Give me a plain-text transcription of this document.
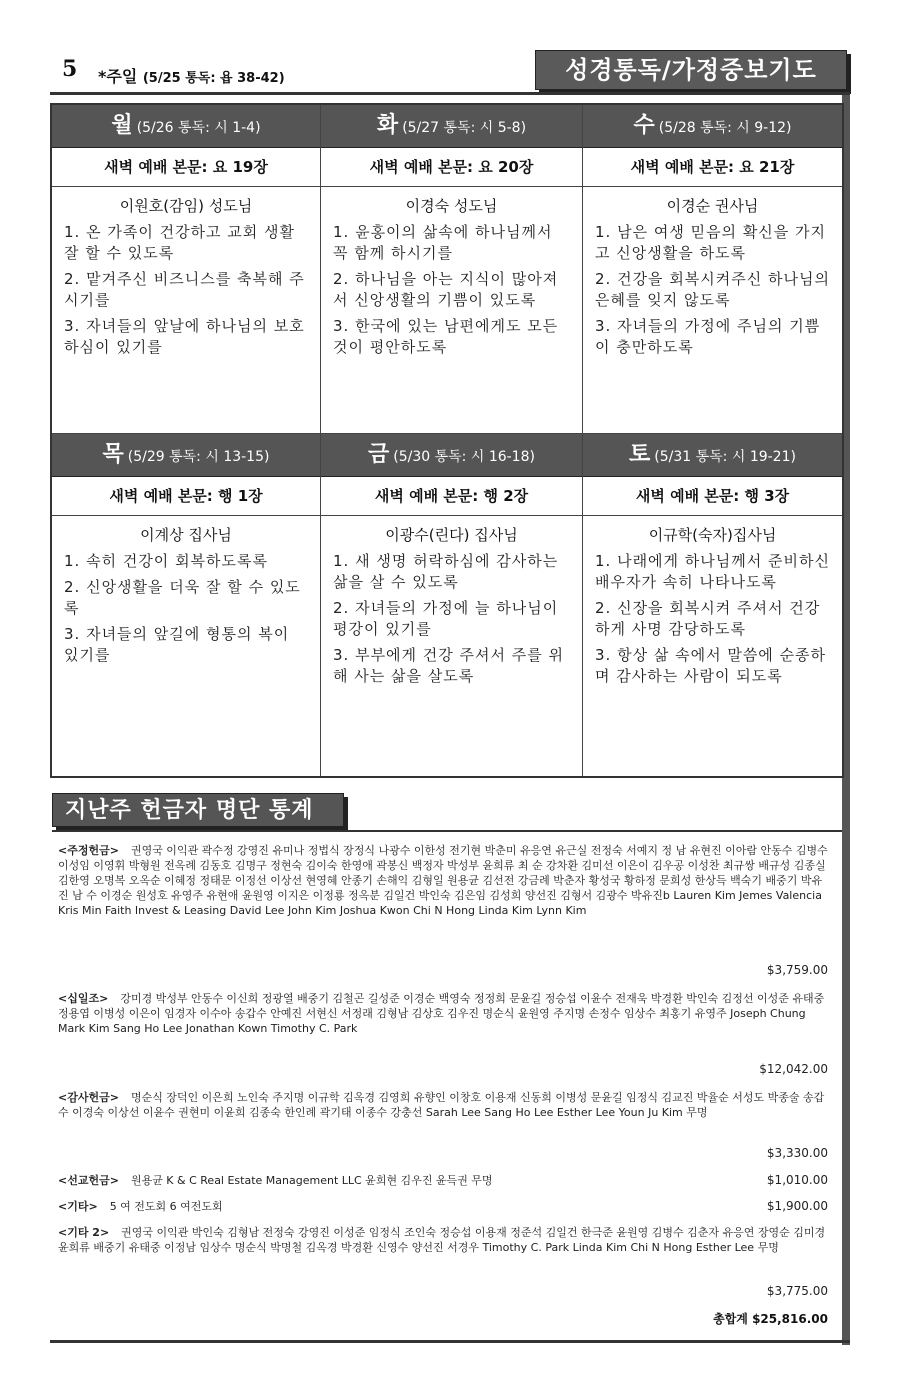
5 *주일 (5/25 통독: 욥 38-42)	성경통독/가정중보기도
월 (5/26 통독: 시 1-4)
새벽 예배 본문: 요 19장
이원호(감임) 성도님

1. 온 가족이 건강하고 교회 생활 잘 할 수 있도록

2. 맡겨주신 비즈니스를 축복해 주시기를

3. 자녀들의 앞날에 하나님의 보호하심이 있기를

화 (5/27 통독: 시 5-8)
새벽 예배 본문: 요 20장
이경숙 성도님

1. 윤홍이의 삶속에 하나님께서 꼭 함께 하시기를

2. 하나님을 아는 지식이 많아져서 신앙생활의 기쁨이 있도록

3. 한국에 있는 남편에게도 모든 것이 평안하도록

수 (5/28 통독: 시 9-12)
새벽 예배 본문: 요 21장
이경순 권사님

1. 남은 여생 믿음의 확신을 가지고 신앙생활을 하도록

2. 건강을 회복시켜주신 하나님의 은혜를 잊지 않도록

3. 자녀들의 가정에 주님의 기쁨이 충만하도록

목 (5/29 통독: 시 13-15)
새벽 예배 본문: 행 1장
이계상 집사님

1. 속히 건강이 회복하도록록

2. 신앙생활을 더욱 잘 할 수 있도록

3. 자녀들의 앞길에 형통의 복이 있기를

금 (5/30 통독: 시 16-18)
새벽 예배 본문: 행 2장
이광수(린다) 집사님

1. 새 생명 허락하심에 감사하는 삶을 살 수 있도록

2. 자녀들의 가정에 늘 하나님이 평강이 있기를

3. 부부에게 건강 주셔서 주를 위해 사는 삶을 살도록

토 (5/31 통독: 시 19-21)
새벽 예배 본문: 행 3장
이규학(숙자)집사님

1. 나래에게 하나님께서 준비하신 배우자가 속히 나타나도록

2. 신장을 회복시켜 주셔서 건강하게 사명 감당하도록

3. 항상 삶 속에서 말씀에 순종하며 감사하는 사람이 되도록

지난주 헌금자 명단 통계
<주정헌금> 권영국 이익관 곽수정 강영진 유미나 정법식 장정식 나광수 이한성 전기현 박춘미 유응연 유근실 전정숙 서예지 정 남 유현진 이아람 안동수 김병수 이성임 이영휘 박형원 전옥례 김동호 김명구 정현숙 김이숙 한영애 곽봉신 백정자 박성부 윤희류 최 순 강차환 김미선 이은이 김우공 이성찬 최규쌍 배규성 김종실 김한영 오명복 오옥순 이혜정 정태문 이정선 이상선 현영혜 안종기 손해익 김형일 원용균 김선전 강금례 박춘자 황성국 황하정 문희성 한상득 백숙기 배중기 박유진 남 수 이경순 원성호 유영주 유현애 윤원영 이지은 이정룡 정옥분 김일건 박인숙 김은임 김성희 양선진 김형서 김광수 박유진b Lauren Kim Jemes Valencia Kris Min Faith Invest & Leasing David Lee John Kim Joshua Kwon Chi N Hong Linda Kim Lynn Kim
$3,759.00
<십일조> 강미경 박성부 안동수 이신희 정광열 배중기 김철곤 길성준 이경순 백영숙 정정희 문윤길 정승섭 이윤수 전재욱 박경환 박인숙 김정선 이성준 유태중 정용엽 이병성 이은이 임경자 이수아 송갑수 안예진 서현신 서정래 김형남 김상호 김우진 명순식 윤원영 주지명 손정수 임상수 최홍기 유영주 Joseph Chung Mark Kim Sang Ho Lee Jonathan Kown Timothy C. Park
$12,042.00
<감사헌금> 명순식 장덕인 이은희 노인숙 주지명 이규학 김옥경 김영희 유향인 이창호 이용재 신동희 이병성 문윤길 임정식 김교진 박율순 서성도 박종술 송갑수 이경숙 이상선 이윤수 권현미 이윤희 김종숙 한인례 곽기태 이종수 강충선 Sarah Lee Sang Ho Lee Esther Lee Youn Ju Kim 무명
$3,330.00
<선교헌금> 원용균 K & C Real Estate Management LLC 윤희현 김우진 윤득권 무명	$1,010.00
<기타> 5 여 전도회 6 여전도회	$1,900.00
<기타 2> 권영국 이익관 박인숙 김형남 전정숙 강영진 이성준 임정식 조인숙 정승섭 이용재 정준석 김일건 한극준 윤원영 김병수 김춘자 유응연 장영순 김미경 윤희류 배중기 유태중 이정남 임상수 명순식 박명철 김옥경 박경환 신영수 양선진 서경우 Timothy C. Park Linda Kim Chi N Hong Esther Lee 무명
$3,775.00
총합계 $25,816.00
